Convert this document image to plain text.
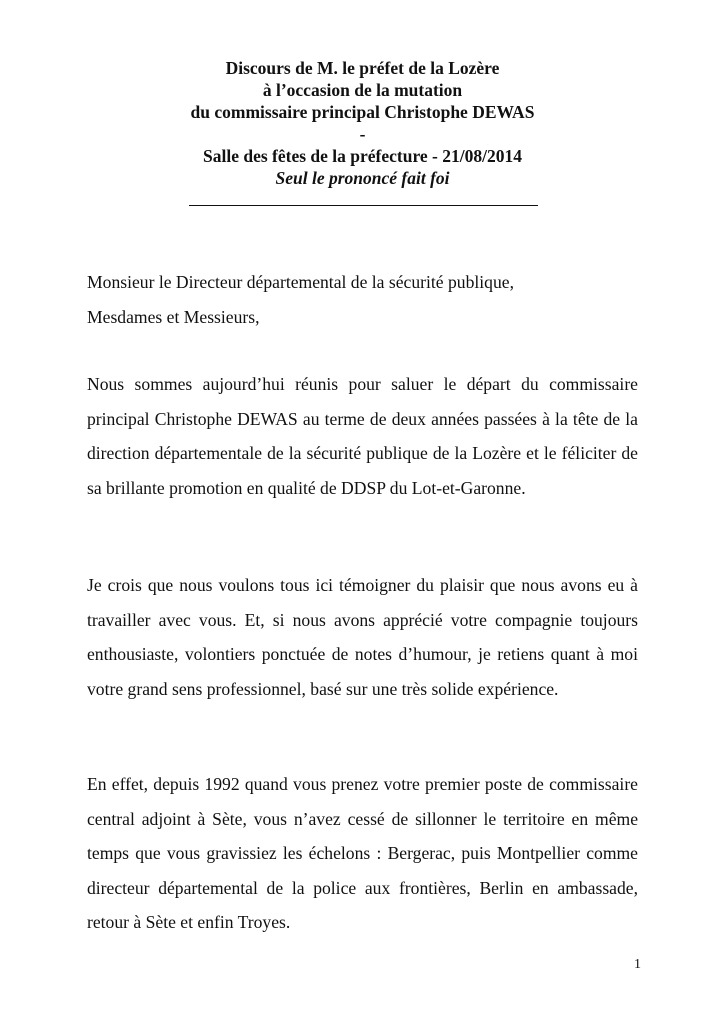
Discours de M. le préfet de la Lozère
à l’occasion de la mutation
du commissaire principal Christophe DEWAS
-
Salle des fêtes de la préfecture - 21/08/2014
Seul le prononcé fait foi

Monsieur le Directeur départemental de la sécurité publique,

Mesdames et Messieurs,

Nous sommes aujourd’hui réunis pour saluer le départ du commissaire principal Christophe DEWAS au terme de deux années passées à la tête de la direction départementale de la sécurité publique de la Lozère et le féliciter de sa brillante promotion en qualité de DDSP du Lot-et-Garonne.

Je crois que nous voulons tous ici témoigner du plaisir que nous avons eu à travailler avec vous. Et, si nous avons apprécié votre compagnie toujours enthousiaste, volontiers ponctuée de notes d’humour, je retiens quant à moi votre grand sens professionnel, basé sur une très solide expérience.

En effet, depuis 1992 quand vous prenez votre premier poste de commissaire central adjoint à Sète, vous n’avez cessé de sillonner le territoire en même temps que vous gravissiez les échelons : Bergerac, puis Montpellier comme directeur départemental de la police aux frontières, Berlin en ambassade, retour à Sète et enfin Troyes.

1
